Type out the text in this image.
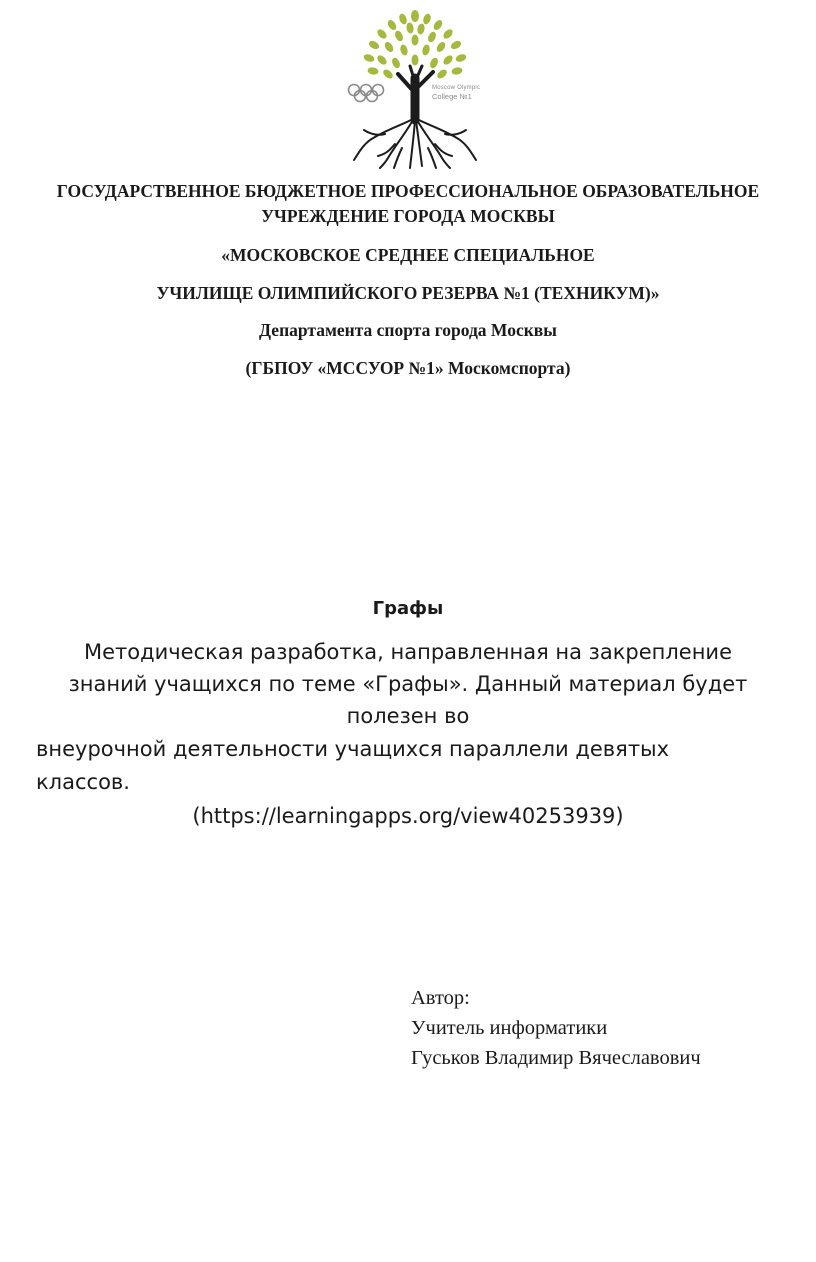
Moscow Olympic
College №1

ГОСУДАРСТВЕННОЕ БЮДЖЕТНОЕ ПРОФЕССИОНАЛЬНОЕ ОБРАЗОВАТЕЛЬНОЕ

УЧРЕЖДЕНИЕ ГОРОДА МОСКВЫ

«МОСКОВСКОЕ СРЕДНЕЕ СПЕЦИАЛЬНОЕ

УЧИЛИЩЕ ОЛИМПИЙСКОГО РЕЗЕРВА №1 (ТЕХНИКУМ)»

Департамента спорта города Москвы

(ГБПОУ «МССУОР №1» Москомспорта)

Графы

Методическая разработка, направленная на закрепление

знаний учащихся по теме «Графы». Данный материал будет

полезен во

внеурочной деятельности учащихся параллели девятых

классов.

(https://learningapps.org/view40253939)

Автор:

Учитель информатики

Гуськов Владимир Вячеславович
